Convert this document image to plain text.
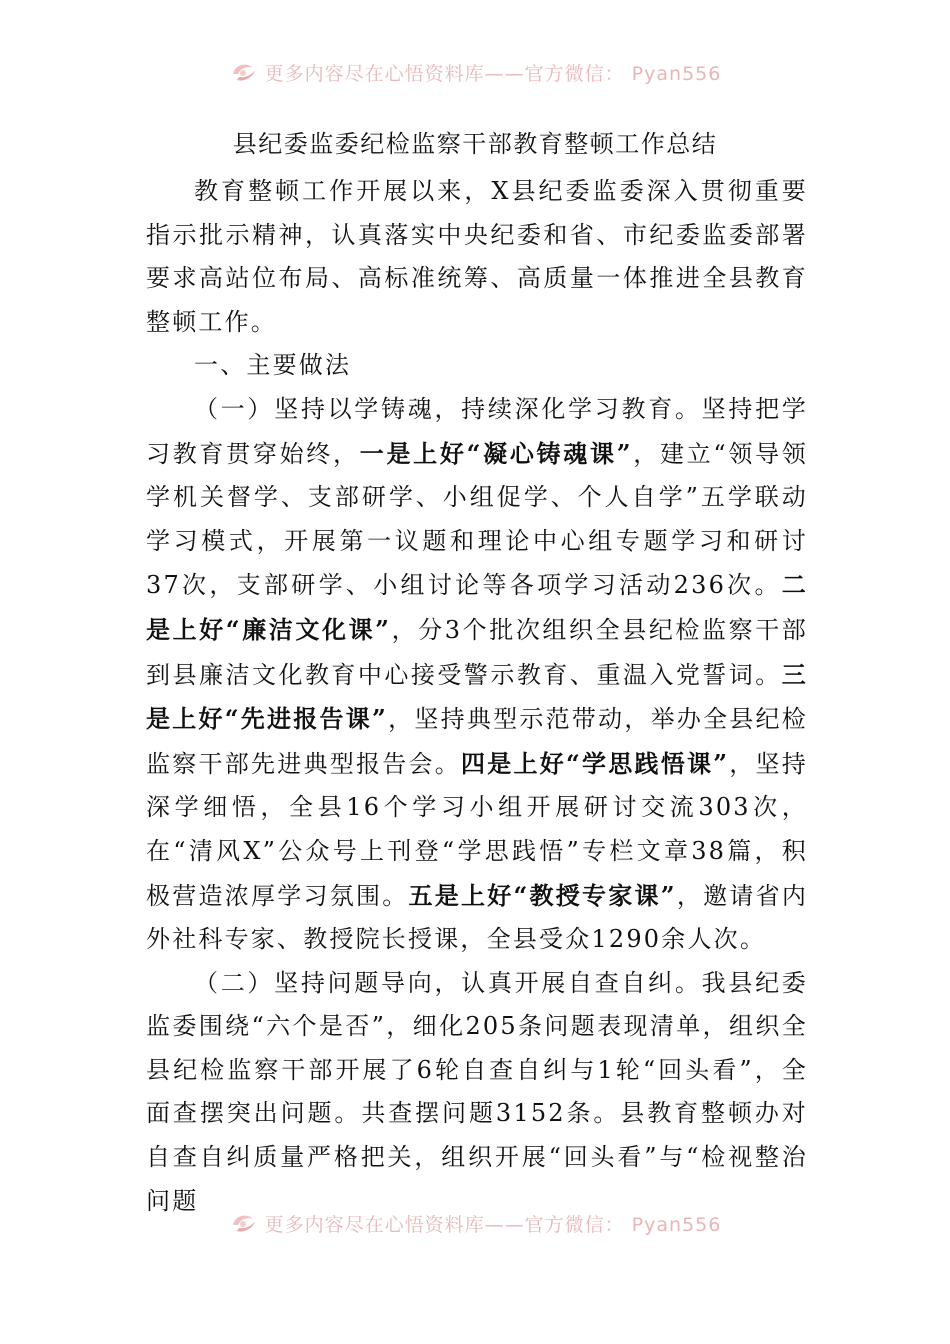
更多内容尽在心悟资料库——官方微信： Pyan556
县纪委监委纪检监察干部教育整顿工作总结

教育整顿工作开展以来，X县纪委监委深入贯彻重要指示批示精神，认真落实中央纪委和省、市纪委监委部署要求高站位布局、高标准统筹、高质量一体推进全县教育整顿工作。

一、主要做法

（一）坚持以学铸魂，持续深化学习教育。坚持把学习教育贯穿始终，一是上好“凝心铸魂课”，建立“领导领学机关督学、支部研学、小组促学、个人自学”五学联动学习模式，开展第一议题和理论中心组专题学习和研讨37次，支部研学、小组讨论等各项学习活动236次。二是上好“廉洁文化课”，分3个批次组织全县纪检监察干部到县廉洁文化教育中心接受警示教育、重温入党誓词。三是上好“先进报告课”，坚持典型示范带动，举办全县纪检监察干部先进典型报告会。四是上好“学思践悟课”，坚持深学细悟，全县16个学习小组开展研讨交流303次，在“清风X”公众号上刊登“学思践悟”专栏文章38篇，积极营造浓厚学习氛围。五是上好“教授专家课”，邀请省内外社科专家、教授院长授课，全县受众1290余人次。

（二）坚持问题导向，认真开展自查自纠。我县纪委监委围绕“六个是否”，细化205条问题表现清单，组织全县纪检监察干部开展了6轮自查自纠与1轮“回头看”，全面查摆突出问题。共查摆问题3152条。县教育整顿办对自查自纠质量严格把关，组织开展“回头看”与“检视整治问题

更多内容尽在心悟资料库——官方微信： Pyan556
